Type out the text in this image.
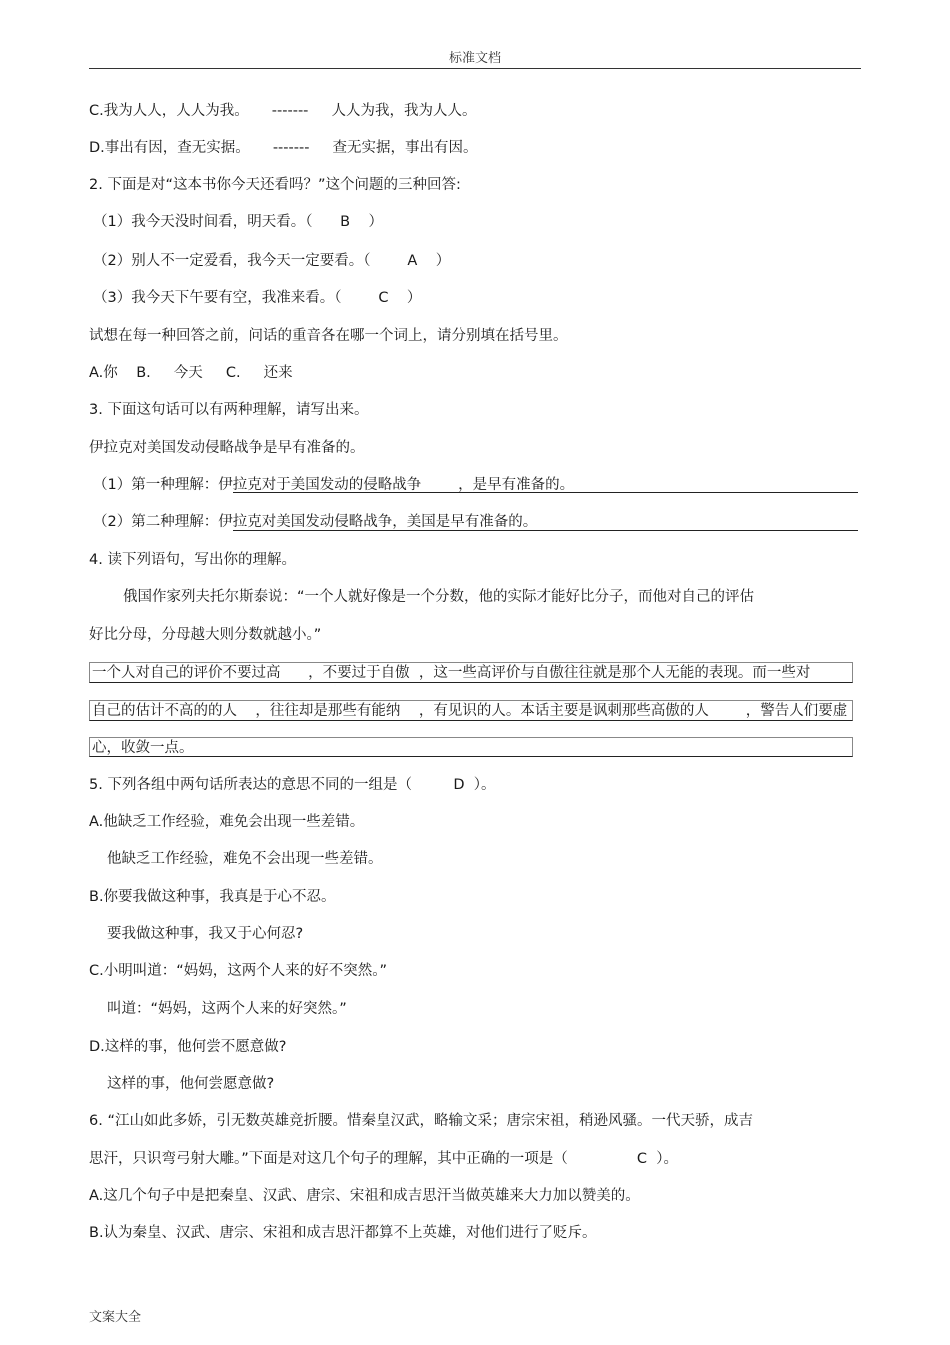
标准文档
C.我为人人，人人为我。     -------     人人为我，我为人人。
D.事出有因，查无实据。     -------     查无实据，事出有因。
2. 下面是对“这本书你今天还看吗？”这个问题的三种回答:
（1）我今天没时间看，明天看。（      B    ）
（2）别人不一定爱看，我今天一定要看。（        A    ）
（3）我今天下午要有空，我准来看。（        C    ）
试想在每一种回答之前，问话的重音各在哪一个词上，请分别填在括号里。
A.你    B.     今天     C.     还来
3. 下面这句话可以有两种理解，请写出来。
伊拉克对美国发动侵略战争是早有准备的。
（1）第一种理解：伊拉克对于美国发动的侵略战争        ，是早有准备的。
（2）第二种理解：伊拉克对美国发动侵略战争，美国是早有准备的。
4. 读下列语句，写出你的理解。
俄国作家列夫托尔斯泰说：“一个人就好像是一个分数，他的实际才能好比分子，而他对自己的评估
好比分母，分母越大则分数就越小。”
一个人对自己的评价不要过高      ，不要过于自傲  ，这一些高评价与自傲往往就是那个人无能的表现。而一些对
自己的估计不高的的人    ，往往却是那些有能纳    ，有见识的人。本话主要是讽刺那些高傲的人        ，警告人们要虚
心，收敛一点。
5. 下列各组中两句话所表达的意思不同的一组是（         D  ）。
A.他缺乏工作经验，难免会出现一些差错。
他缺乏工作经验，难免不会出现一些差错。
B.你要我做这种事，我真是于心不忍。
要我做这种事，我又于心何忍?
C.小明叫道：“妈妈，这两个人来的好不突然。”
叫道：“妈妈，这两个人来的好突然。”
D.这样的事，他何尝不愿意做?
这样的事，他何尝愿意做?
6. “江山如此多娇，引无数英雄竞折腰。惜秦皇汉武，略输文采；唐宗宋祖，稍逊风骚。一代天骄，成吉
思汗，只识弯弓射大雕。”下面是对这几个句子的理解，其中正确的一项是（               C  ）。
A.这几个句子中是把秦皇、汉武、唐宗、宋祖和成吉思汗当做英雄来大力加以赞美的。
B.认为秦皇、汉武、唐宗、宋祖和成吉思汗都算不上英雄，对他们进行了贬斥。
文案大全
